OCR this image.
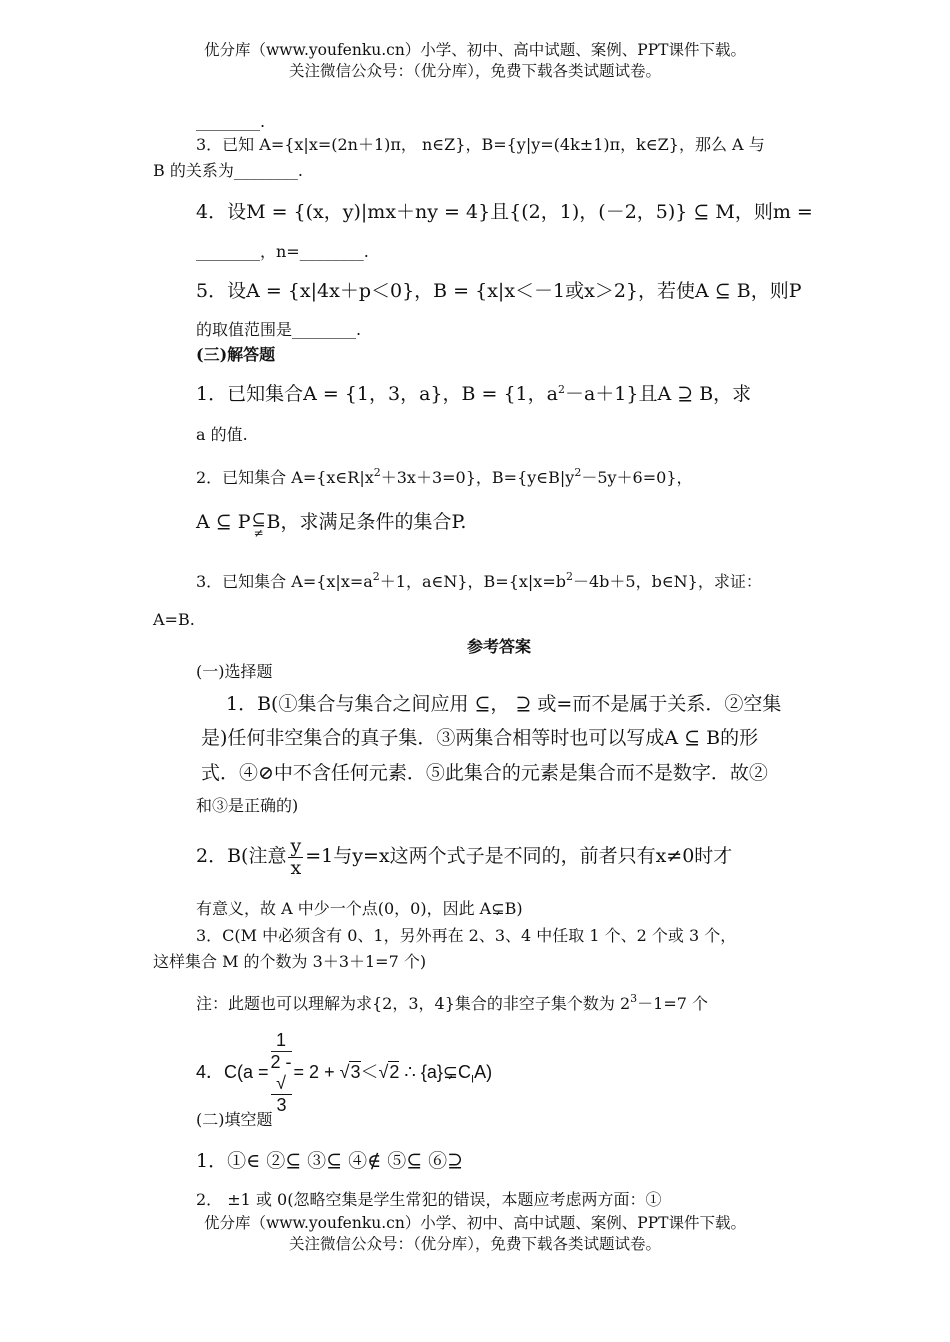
优分库（www.youfenku.cn）小学、初中、高中试题、案例、PPT课件下载。
关注微信公众号：（优分库），免费下载各类试题试卷。
________.
3．已知 A={x|x=(2n＋1)π， n∈Z}，B={y|y=(4k±1)π，k∈Z}，那么 A 与
B 的关系为________.
4．设M = {(x，y)|mx＋ny = 4}且{(2，1)，(－2，5)} ⊆ M，则m =
________，n=________.
5．设A = {x|4x＋p＜0}，B = {x|x＜－1或x＞2}，若使A ⊆ B，则P
的取值范围是________.
(三)解答题
1．已知集合A = {1，3，a}，B = {1，$a^2-a+1$}且A ⊇ B，求
a 的值.
2．已知集合 $A=\{x\in R|x^2+3x+3=0\}$，$B=\{y\in B|y^2-5y+6=0\}$，
A ⊆ P ⊆
≠ B，求满足条件的集合P.
3．已知集合 $A=\{x|x=a^2+1$，a∈N}，$B=\{x|x=b^2-4b+5$，b∈N}，求证：
A=B.
参考答案
(一)选择题
1．B(①集合与集合之间应用 ⊆， ⊇ 或=而不是属于关系．②空集
是)任何非空集合的真子集．③两集合相等时也可以写成A ⊆ B的形
式．④⊘中不含任何元素．⑤此集合的元素是集合而不是数字．故②
和③是正确的)
2．B(注意 $\frac{y}{x} =1$与y=x这两个式子是不同的，前者只有x≠0时才
有意义，故 A 中少一个点(0，0)，因此 A⊊B)
3．C(M 中必须含有 0、1，另外再在 2、3、4 中任取 1 个、2 个或 3 个，
这样集合 M 的个数为 3＋3＋1=7 个)
注：此题也可以理解为求{2，3，4}集合的非空子集个数为 $2^3-1=7$ 个
4．C(a = 1
2 -
√
3 = 2 + √3＜√2 ∴ $\{a\}⊊C_IA$)
(二)填空题
1．①∈ ②⊆ ③⊆ ④∉ ⑤⊆ ⑥⊇
2． ±1 或 0(忽略空集是学生常犯的错误，本题应考虑两方面：①
优分库（www.youfenku.cn）小学、初中、高中试题、案例、PPT课件下载。
关注微信公众号：（优分库），免费下载各类试题试卷。
